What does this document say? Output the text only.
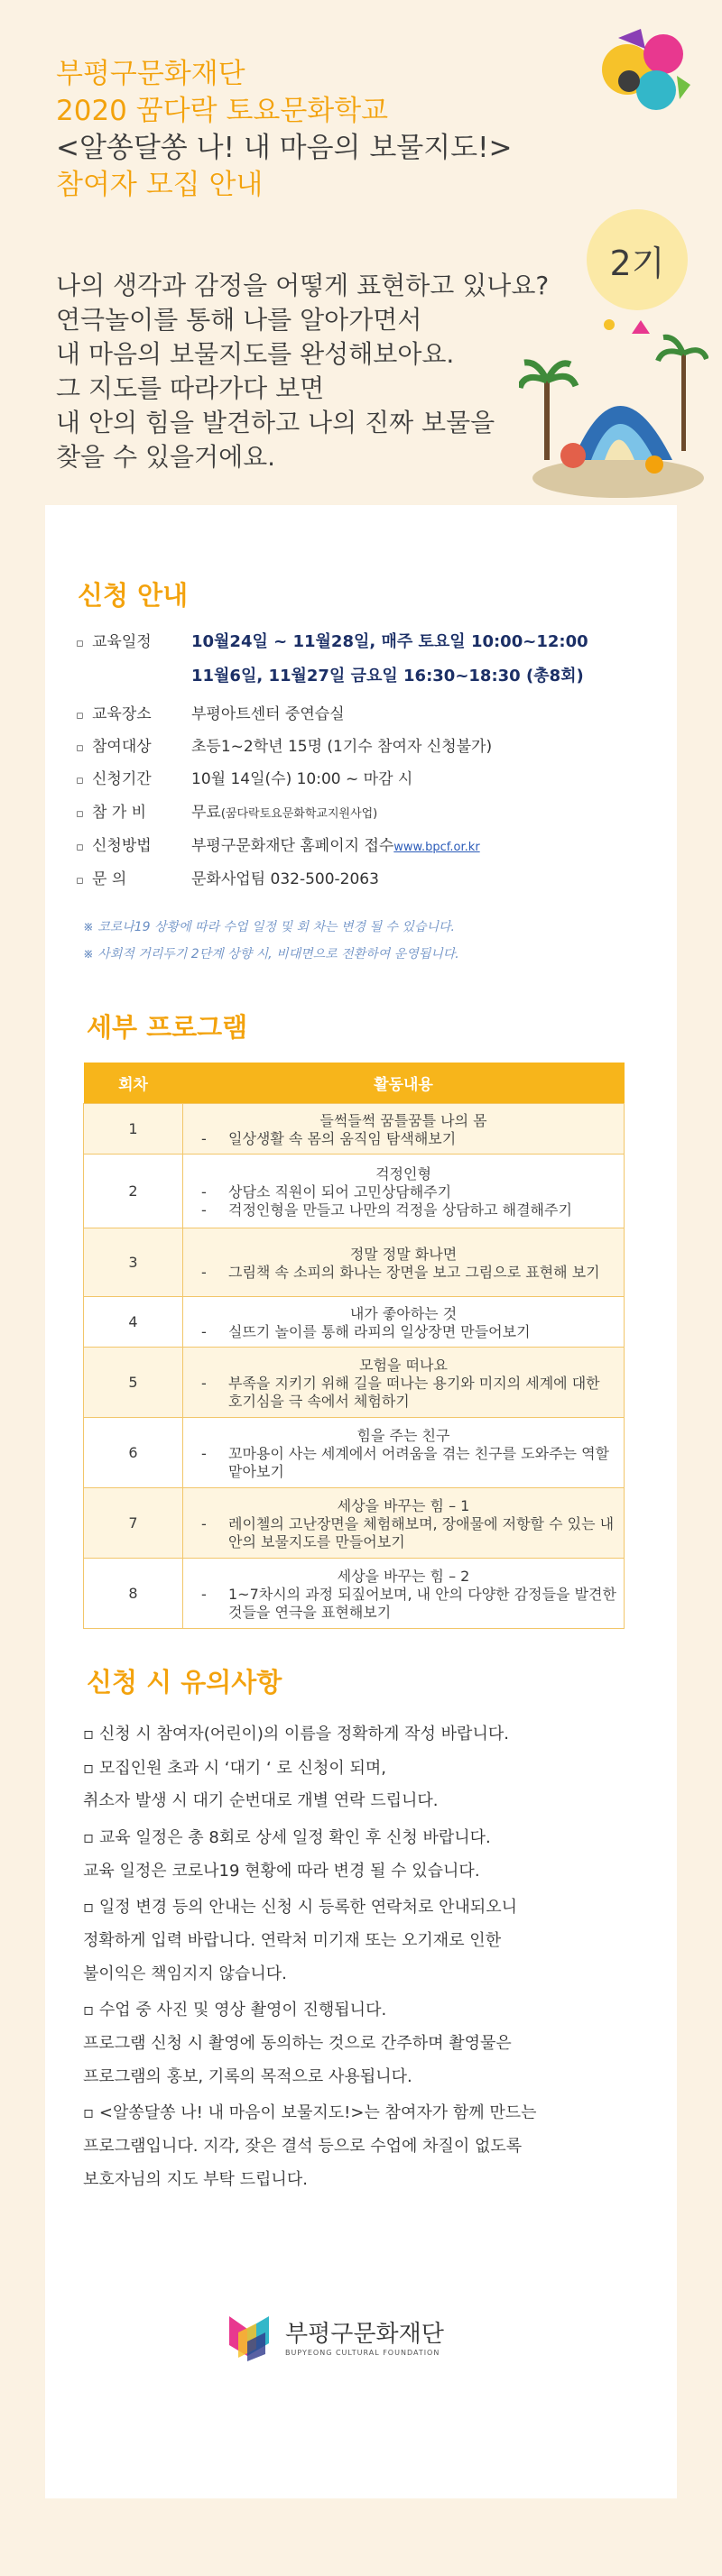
부평구문화재단
2020 꿈다락 토요문화학교
<알쏭달쏭 나! 내 마음의 보물지도!>
참여자 모집 안내
2기
나의 생각과 감정을 어떻게 표현하고 있나요?
연극놀이를 통해 나를 알아가면서
내 마음의 보물지도를 완성해보아요.
그 지도를 따라가다 보면
내 안의 힘을 발견하고 나의 진짜 보물을
찾을 수 있을거에요.
신청 안내
▫ 교육일정	10월24일 ~ 11월28일, 매주 토요일 10:00~12:00
11월6일, 11월27일 금요일 16:30~18:30 (총8회)
▫ 교육장소	부평아트센터 중연습실
▫ 참여대상	초등1~2학년 15명 (1기수 참여자 신청불가)
▫ 신청기간	10월 14일(수) 10:00 ~ 마감 시
▫ 참 가 비	무료 (꿈다락토요문화학교지원사업)
▫ 신청방법	부평구문화재단 홈페이지 접수 www.bpcf.or.kr
▫ 문 의	문화사업팀 032-500-2063
※ 코로나19 상황에 따라 수업 일정 및 회 차는 변경 될 수 있습니다.
※ 사회적 거리두기 2단계 상향 시, 비대면으로 전환하여 운영됩니다.
세부 프로그램
회차	활동내용
1	들썩들썩 꿈틀꿈틀 나의 몸
- 일상생활 속 몸의 움직임 탐색해보기

2	걱정인형
- 상담소 직원이 되어 고민상담해주기
- 걱정인형을 만들고 나만의 걱정을 상담하고 해결해주기

3	정말 정말 화나면
- 그림책 속 소피의 화나는 장면을 보고 그림으로 표현해 보기

4	내가 좋아하는 것
- 실뜨기 놀이를 통해 라피의 일상장면 만들어보기

5	모험을 떠나요
- 부족을 지키기 위해 길을 떠나는 용기와 미지의 세계에 대한 호기심을 극 속에서 체험하기

6	힘을 주는 친구
- 꼬마용이 사는 세계에서 어려움을 겪는 친구를 도와주는 역할 맡아보기

7	세상을 바꾸는 힘 – 1
- 레이첼의 고난장면을 체험해보며, 장애물에 저항할 수 있는 내 안의 보물지도를 만들어보기

8	세상을 바꾸는 힘 – 2
- 1~7차시의 과정 되짚어보며, 내 안의 다양한 감정들을 발견한 것들을 연극을 표현해보기
신청 시 유의사항
▫ 신청 시 참여자(어린이)의 이름을 정확하게 작성 바랍니다.
▫ 모집인원 초과 시 ‘대기 ‘ 로 신청이 되며,
취소자 발생 시 대기 순번대로 개별 연락 드립니다.
▫ 교육 일정은 총 8회로 상세 일정 확인 후 신청 바랍니다.
교육 일정은 코로나19 현황에 따라 변경 될 수 있습니다.
▫ 일정 변경 등의 안내는 신청 시 등록한 연락처로 안내되오니
정확하게 입력 바랍니다. 연락처 미기재 또는 오기재로 인한
불이익은 책임지지 않습니다.
▫ 수업 중 사진 및 영상 촬영이 진행됩니다.
프로그램 신청 시 촬영에 동의하는 것으로 간주하며 촬영물은
프로그램의 홍보, 기록의 목적으로 사용됩니다.
▫ <알쏭달쏭 나! 내 마음이 보물지도!>는 참여자가 함께 만드는
프로그램입니다. 지각, 잦은 결석 등으로 수업에 차질이 없도록
보호자님의 지도 부탁 드립니다.
부평구문화재단
BUPYEONG CULTURAL FOUNDATION
